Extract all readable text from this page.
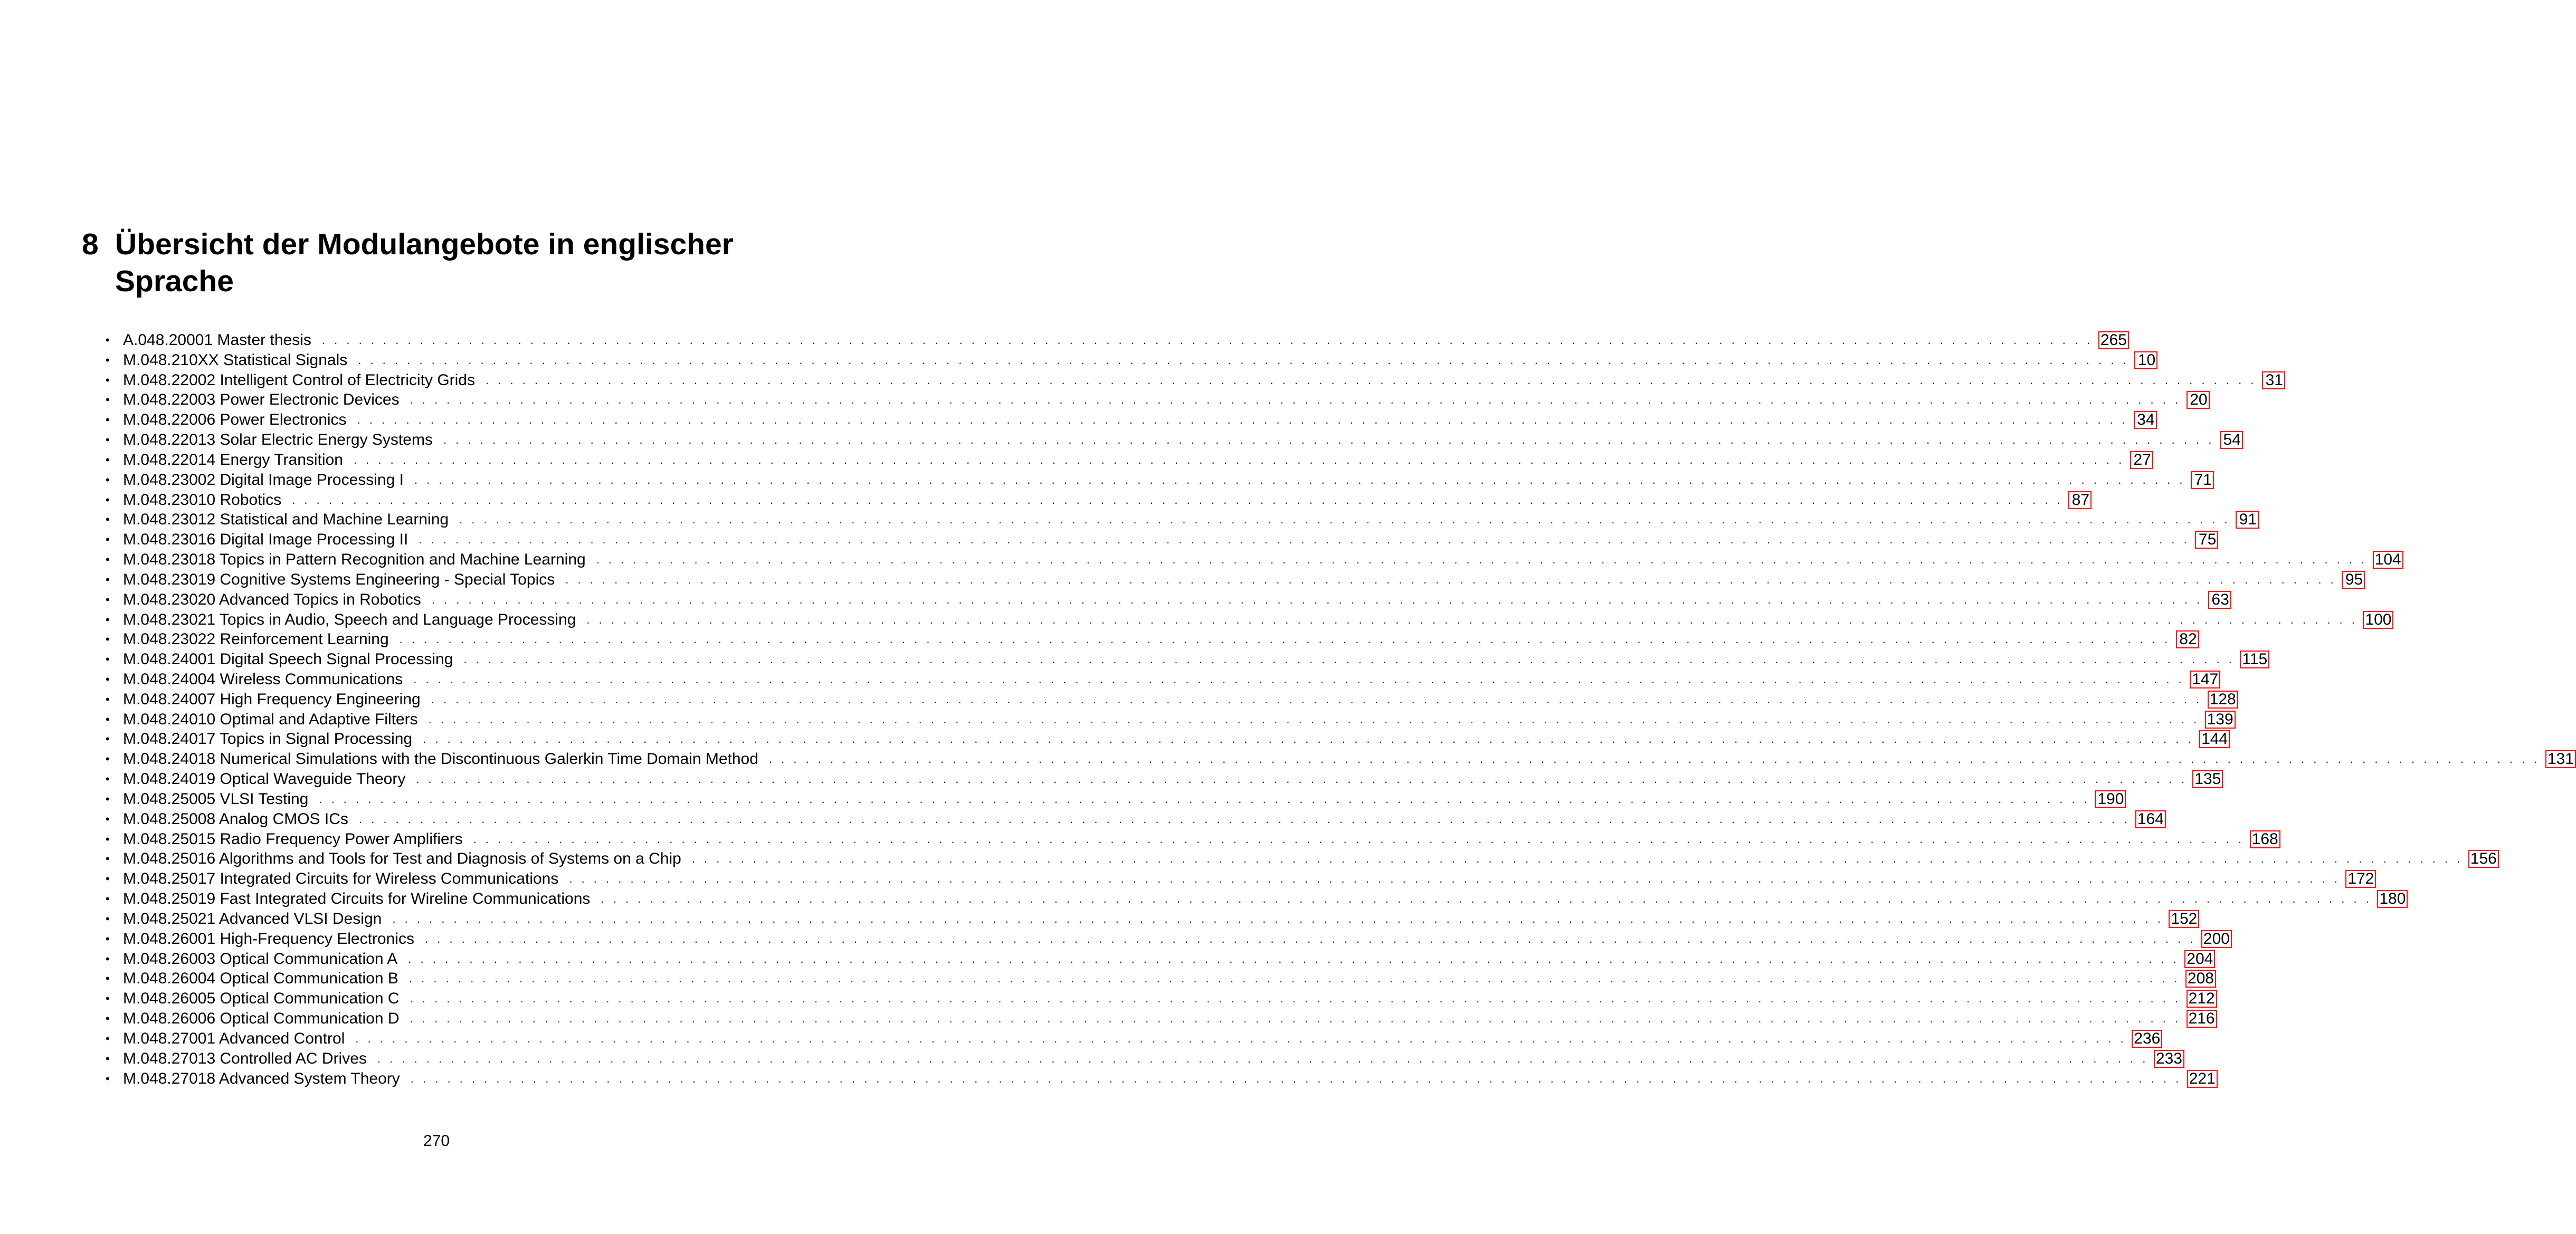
8 Übersicht der Modulangebote in englischer Sprache
• A.048.20001 Master thesis . . . . . . . . . . . . . . . . . . . . . . . . . . . . . . . . . . . . . . . . . . . . . . . . . . . . . . . . . . . . . . . . . . . . . . . . . . . . . . . . . . . . . . . . . . . . . . . . . . . . . . . . . . . . . . . . . . . . . . . . . . . . . . . . . . . . . . . . . . . . . . . . . 265
• M.048.210XX Statistical Signals . . . . . . . . . . . . . . . . . . . . . . . . . . . . . . . . . . . . . . . . . . . . . . . . . . . . . . . . . . . . . . . . . . . . . . . . . . . . . . . . . . . . . . . . . . . . . . . . . . . . . . . . . . . . . . . . . . . . . . . . . . . . . . . . . . . . . . . . . . . . . . . . . 10
• M.048.22002 Intelligent Control of Electricity Grids . . . . . . . . . . . . . . . . . . . . . . . . . . . . . . . . . . . . . . . . . . . . . . . . . . . . . . . . . . . . . . . . . . . . . . . . . . . . . . . . . . . . . . . . . . . . . . . . . . . . . . . . . . . . . . . . . . . . . . . . . . . . . . . . . . . . . . . . . . . . . . . . . 31
• M.048.22003 Power Electronic Devices . . . . . . . . . . . . . . . . . . . . . . . . . . . . . . . . . . . . . . . . . . . . . . . . . . . . . . . . . . . . . . . . . . . . . . . . . . . . . . . . . . . . . . . . . . . . . . . . . . . . . . . . . . . . . . . . . . . . . . . . . . . . . . . . . . . . . . . . . . . . . . . . . 20
• M.048.22006 Power Electronics . . . . . . . . . . . . . . . . . . . . . . . . . . . . . . . . . . . . . . . . . . . . . . . . . . . . . . . . . . . . . . . . . . . . . . . . . . . . . . . . . . . . . . . . . . . . . . . . . . . . . . . . . . . . . . . . . . . . . . . . . . . . . . . . . . . . . . . . . . . . . . . . . 34
• M.048.22013 Solar Electric Energy Systems . . . . . . . . . . . . . . . . . . . . . . . . . . . . . . . . . . . . . . . . . . . . . . . . . . . . . . . . . . . . . . . . . . . . . . . . . . . . . . . . . . . . . . . . . . . . . . . . . . . . . . . . . . . . . . . . . . . . . . . . . . . . . . . . . . . . . . . . . . . . . . . . . 54
• M.048.22014 Energy Transition . . . . . . . . . . . . . . . . . . . . . . . . . . . . . . . . . . . . . . . . . . . . . . . . . . . . . . . . . . . . . . . . . . . . . . . . . . . . . . . . . . . . . . . . . . . . . . . . . . . . . . . . . . . . . . . . . . . . . . . . . . . . . . . . . . . . . . . . . . . . . . . . . 27
• M.048.23002 Digital Image Processing I . . . . . . . . . . . . . . . . . . . . . . . . . . . . . . . . . . . . . . . . . . . . . . . . . . . . . . . . . . . . . . . . . . . . . . . . . . . . . . . . . . . . . . . . . . . . . . . . . . . . . . . . . . . . . . . . . . . . . . . . . . . . . . . . . . . . . . . . . . . . . . . . . 71
• M.048.23010 Robotics . . . . . . . . . . . . . . . . . . . . . . . . . . . . . . . . . . . . . . . . . . . . . . . . . . . . . . . . . . . . . . . . . . . . . . . . . . . . . . . . . . . . . . . . . . . . . . . . . . . . . . . . . . . . . . . . . . . . . . . . . . . . . . . . . . . . . . . . . . . . . . . . . 87
• M.048.23012 Statistical and Machine Learning . . . . . . . . . . . . . . . . . . . . . . . . . . . . . . . . . . . . . . . . . . . . . . . . . . . . . . . . . . . . . . . . . . . . . . . . . . . . . . . . . . . . . . . . . . . . . . . . . . . . . . . . . . . . . . . . . . . . . . . . . . . . . . . . . . . . . . . . . . . . . . . . . 91
• M.048.23016 Digital Image Processing II . . . . . . . . . . . . . . . . . . . . . . . . . . . . . . . . . . . . . . . . . . . . . . . . . . . . . . . . . . . . . . . . . . . . . . . . . . . . . . . . . . . . . . . . . . . . . . . . . . . . . . . . . . . . . . . . . . . . . . . . . . . . . . . . . . . . . . . . . . . . . . . . . 75
• M.048.23018 Topics in Pattern Recognition and Machine Learning . . . . . . . . . . . . . . . . . . . . . . . . . . . . . . . . . . . . . . . . . . . . . . . . . . . . . . . . . . . . . . . . . . . . . . . . . . . . . . . . . . . . . . . . . . . . . . . . . . . . . . . . . . . . . . . . . . . . . . . . . . . . . . . . . . . . . . . . . . . . . . . . . 104
• M.048.23019 Cognitive Systems Engineering - Special Topics . . . . . . . . . . . . . . . . . . . . . . . . . . . . . . . . . . . . . . . . . . . . . . . . . . . . . . . . . . . . . . . . . . . . . . . . . . . . . . . . . . . . . . . . . . . . . . . . . . . . . . . . . . . . . . . . . . . . . . . . . . . . . . . . . . . . . . . . . . . . . . . . . 95
• M.048.23020 Advanced Topics in Robotics . . . . . . . . . . . . . . . . . . . . . . . . . . . . . . . . . . . . . . . . . . . . . . . . . . . . . . . . . . . . . . . . . . . . . . . . . . . . . . . . . . . . . . . . . . . . . . . . . . . . . . . . . . . . . . . . . . . . . . . . . . . . . . . . . . . . . . . . . . . . . . . . . 63
• M.048.23021 Topics in Audio, Speech and Language Processing . . . . . . . . . . . . . . . . . . . . . . . . . . . . . . . . . . . . . . . . . . . . . . . . . . . . . . . . . . . . . . . . . . . . . . . . . . . . . . . . . . . . . . . . . . . . . . . . . . . . . . . . . . . . . . . . . . . . . . . . . . . . . . . . . . . . . . . . . . . . . . . . . 100
• M.048.23022 Reinforcement Learning . . . . . . . . . . . . . . . . . . . . . . . . . . . . . . . . . . . . . . . . . . . . . . . . . . . . . . . . . . . . . . . . . . . . . . . . . . . . . . . . . . . . . . . . . . . . . . . . . . . . . . . . . . . . . . . . . . . . . . . . . . . . . . . . . . . . . . . . . . . . . . . . . 82
• M.048.24001 Digital Speech Signal Processing . . . . . . . . . . . . . . . . . . . . . . . . . . . . . . . . . . . . . . . . . . . . . . . . . . . . . . . . . . . . . . . . . . . . . . . . . . . . . . . . . . . . . . . . . . . . . . . . . . . . . . . . . . . . . . . . . . . . . . . . . . . . . . . . . . . . . . . . . . . . . . . . . 115
• M.048.24004 Wireless Communications . . . . . . . . . . . . . . . . . . . . . . . . . . . . . . . . . . . . . . . . . . . . . . . . . . . . . . . . . . . . . . . . . . . . . . . . . . . . . . . . . . . . . . . . . . . . . . . . . . . . . . . . . . . . . . . . . . . . . . . . . . . . . . . . . . . . . . . . . . . . . . . . . 147
• M.048.24007 High Frequency Engineering . . . . . . . . . . . . . . . . . . . . . . . . . . . . . . . . . . . . . . . . . . . . . . . . . . . . . . . . . . . . . . . . . . . . . . . . . . . . . . . . . . . . . . . . . . . . . . . . . . . . . . . . . . . . . . . . . . . . . . . . . . . . . . . . . . . . . . . . . . . . . . . . . 128
• M.048.24010 Optimal and Adaptive Filters . . . . . . . . . . . . . . . . . . . . . . . . . . . . . . . . . . . . . . . . . . . . . . . . . . . . . . . . . . . . . . . . . . . . . . . . . . . . . . . . . . . . . . . . . . . . . . . . . . . . . . . . . . . . . . . . . . . . . . . . . . . . . . . . . . . . . . . . . . . . . . . . . 139
• M.048.24017 Topics in Signal Processing . . . . . . . . . . . . . . . . . . . . . . . . . . . . . . . . . . . . . . . . . . . . . . . . . . . . . . . . . . . . . . . . . . . . . . . . . . . . . . . . . . . . . . . . . . . . . . . . . . . . . . . . . . . . . . . . . . . . . . . . . . . . . . . . . . . . . . . . . . . . . . . . . 144
• M.048.24018 Numerical Simulations with the Discontinuous Galerkin Time Domain Method . . . . . . . . . . . . . . . . . . . . . . . . . . . . . . . . . . . . . . . . . . . . . . . . . . . . . . . . . . . . . . . . . . . . . . . . . . . . . . . . . . . . . . . . . . . . . . . . . . . . . . . . . . . . . . . . . . . . . . . . . . . . . . . . . . . . . . . . . . . . . . . . . 131
• M.048.24019 Optical Waveguide Theory . . . . . . . . . . . . . . . . . . . . . . . . . . . . . . . . . . . . . . . . . . . . . . . . . . . . . . . . . . . . . . . . . . . . . . . . . . . . . . . . . . . . . . . . . . . . . . . . . . . . . . . . . . . . . . . . . . . . . . . . . . . . . . . . . . . . . . . . . . . . . . . . . 135
• M.048.25005 VLSI Testing . . . . . . . . . . . . . . . . . . . . . . . . . . . . . . . . . . . . . . . . . . . . . . . . . . . . . . . . . . . . . . . . . . . . . . . . . . . . . . . . . . . . . . . . . . . . . . . . . . . . . . . . . . . . . . . . . . . . . . . . . . . . . . . . . . . . . . . . . . . . . . . . . 190
• M.048.25008 Analog CMOS ICs . . . . . . . . . . . . . . . . . . . . . . . . . . . . . . . . . . . . . . . . . . . . . . . . . . . . . . . . . . . . . . . . . . . . . . . . . . . . . . . . . . . . . . . . . . . . . . . . . . . . . . . . . . . . . . . . . . . . . . . . . . . . . . . . . . . . . . . . . . . . . . . . . 164
• M.048.25015 Radio Frequency Power Amplifiers . . . . . . . . . . . . . . . . . . . . . . . . . . . . . . . . . . . . . . . . . . . . . . . . . . . . . . . . . . . . . . . . . . . . . . . . . . . . . . . . . . . . . . . . . . . . . . . . . . . . . . . . . . . . . . . . . . . . . . . . . . . . . . . . . . . . . . . . . . . . . . . . . 168
• M.048.25016 Algorithms and Tools for Test and Diagnosis of Systems on a Chip . . . . . . . . . . . . . . . . . . . . . . . . . . . . . . . . . . . . . . . . . . . . . . . . . . . . . . . . . . . . . . . . . . . . . . . . . . . . . . . . . . . . . . . . . . . . . . . . . . . . . . . . . . . . . . . . . . . . . . . . . . . . . . . . . . . . . . . . . . . . . . . . . 156
• M.048.25017 Integrated Circuits for Wireless Communications . . . . . . . . . . . . . . . . . . . . . . . . . . . . . . . . . . . . . . . . . . . . . . . . . . . . . . . . . . . . . . . . . . . . . . . . . . . . . . . . . . . . . . . . . . . . . . . . . . . . . . . . . . . . . . . . . . . . . . . . . . . . . . . . . . . . . . . . . . . . . . . . . 172
• M.048.25019 Fast Integrated Circuits for Wireline Communications . . . . . . . . . . . . . . . . . . . . . . . . . . . . . . . . . . . . . . . . . . . . . . . . . . . . . . . . . . . . . . . . . . . . . . . . . . . . . . . . . . . . . . . . . . . . . . . . . . . . . . . . . . . . . . . . . . . . . . . . . . . . . . . . . . . . . . . . . . . . . . . . . 180
• M.048.25021 Advanced VLSI Design . . . . . . . . . . . . . . . . . . . . . . . . . . . . . . . . . . . . . . . . . . . . . . . . . . . . . . . . . . . . . . . . . . . . . . . . . . . . . . . . . . . . . . . . . . . . . . . . . . . . . . . . . . . . . . . . . . . . . . . . . . . . . . . . . . . . . . . . . . . . . . . . . 152
• M.048.26001 High-Frequency Electronics . . . . . . . . . . . . . . . . . . . . . . . . . . . . . . . . . . . . . . . . . . . . . . . . . . . . . . . . . . . . . . . . . . . . . . . . . . . . . . . . . . . . . . . . . . . . . . . . . . . . . . . . . . . . . . . . . . . . . . . . . . . . . . . . . . . . . . . . . . . . . . . . . 200
• M.048.26003 Optical Communication A . . . . . . . . . . . . . . . . . . . . . . . . . . . . . . . . . . . . . . . . . . . . . . . . . . . . . . . . . . . . . . . . . . . . . . . . . . . . . . . . . . . . . . . . . . . . . . . . . . . . . . . . . . . . . . . . . . . . . . . . . . . . . . . . . . . . . . . . . . . . . . . . . 204
• M.048.26004 Optical Communication B . . . . . . . . . . . . . . . . . . . . . . . . . . . . . . . . . . . . . . . . . . . . . . . . . . . . . . . . . . . . . . . . . . . . . . . . . . . . . . . . . . . . . . . . . . . . . . . . . . . . . . . . . . . . . . . . . . . . . . . . . . . . . . . . . . . . . . . . . . . . . . . . . 208
• M.048.26005 Optical Communication C . . . . . . . . . . . . . . . . . . . . . . . . . . . . . . . . . . . . . . . . . . . . . . . . . . . . . . . . . . . . . . . . . . . . . . . . . . . . . . . . . . . . . . . . . . . . . . . . . . . . . . . . . . . . . . . . . . . . . . . . . . . . . . . . . . . . . . . . . . . . . . . . . 212
• M.048.26006 Optical Communication D . . . . . . . . . . . . . . . . . . . . . . . . . . . . . . . . . . . . . . . . . . . . . . . . . . . . . . . . . . . . . . . . . . . . . . . . . . . . . . . . . . . . . . . . . . . . . . . . . . . . . . . . . . . . . . . . . . . . . . . . . . . . . . . . . . . . . . . . . . . . . . . . . 216
• M.048.27001 Advanced Control . . . . . . . . . . . . . . . . . . . . . . . . . . . . . . . . . . . . . . . . . . . . . . . . . . . . . . . . . . . . . . . . . . . . . . . . . . . . . . . . . . . . . . . . . . . . . . . . . . . . . . . . . . . . . . . . . . . . . . . . . . . . . . . . . . . . . . . . . . . . . . . . . 236
• M.048.27013 Controlled AC Drives . . . . . . . . . . . . . . . . . . . . . . . . . . . . . . . . . . . . . . . . . . . . . . . . . . . . . . . . . . . . . . . . . . . . . . . . . . . . . . . . . . . . . . . . . . . . . . . . . . . . . . . . . . . . . . . . . . . . . . . . . . . . . . . . . . . . . . . . . . . . . . . . . 233
• M.048.27018 Advanced System Theory . . . . . . . . . . . . . . . . . . . . . . . . . . . . . . . . . . . . . . . . . . . . . . . . . . . . . . . . . . . . . . . . . . . . . . . . . . . . . . . . . . . . . . . . . . . . . . . . . . . . . . . . . . . . . . . . . . . . . . . . . . . . . . . . . . . . . . . . . . . . . . . . . 221
270
